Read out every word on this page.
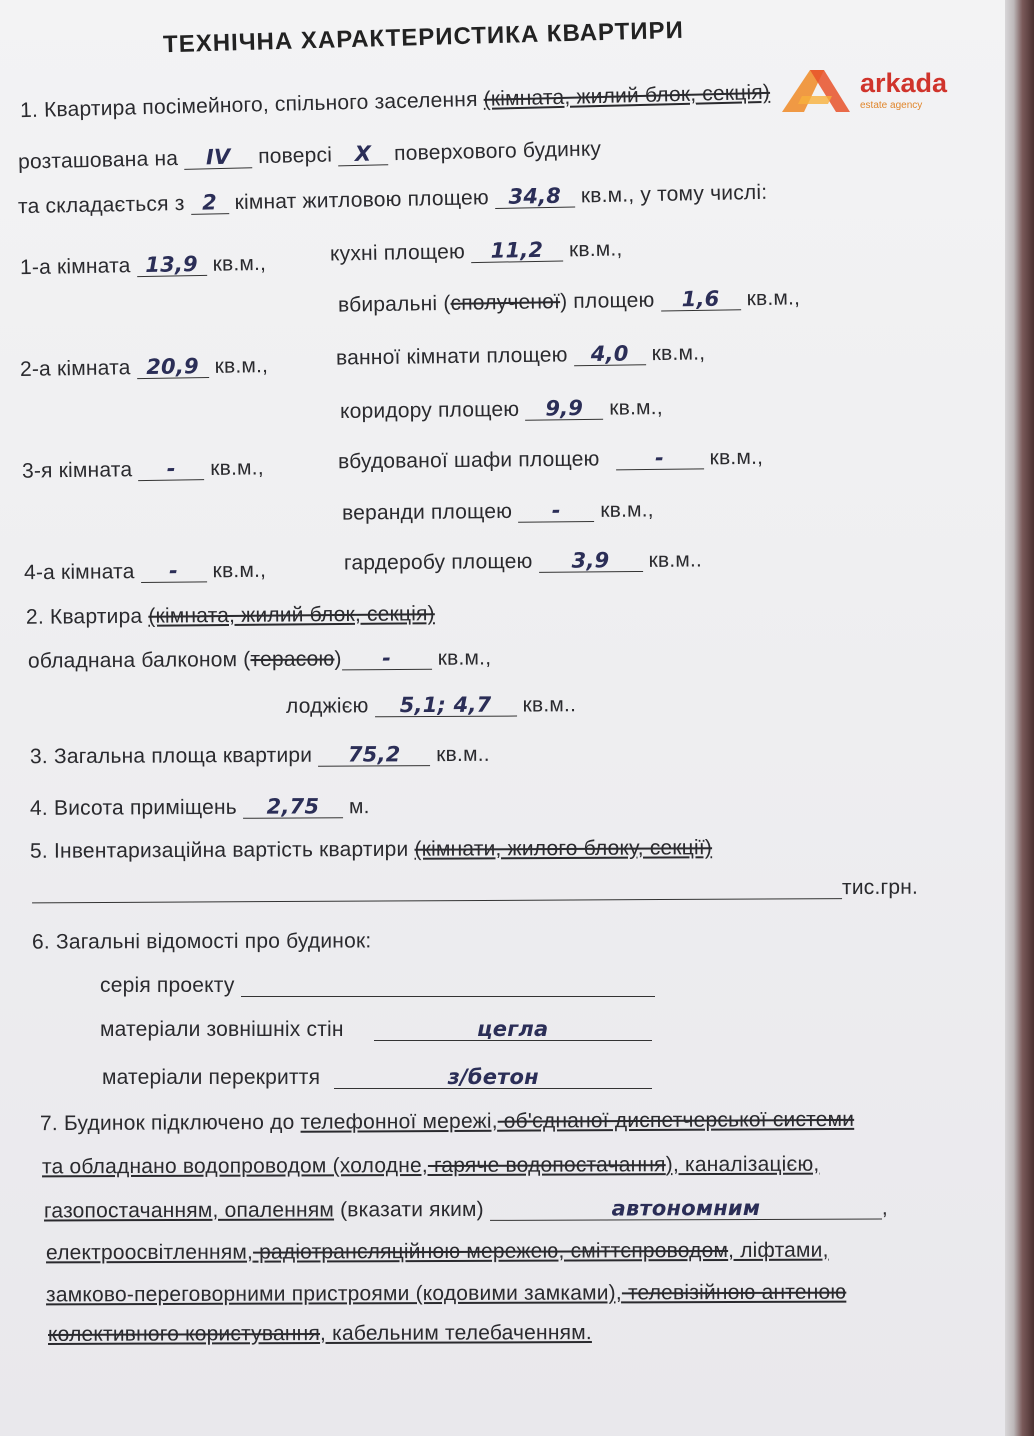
ТЕХНІЧНА ХАРАКТЕРИСТИКА КВАРТИРИ
arkada
estate agency
1. Квартира посімейного, спільного заселення (кімната, жилий блок, секція)
розташована на IV поверсі X поверхового будинку
та складається з 2 кімнат житловою площею 34,8 кв.м., у тому числі:
1-а кімната 13,9 кв.м.,
2-а кімната 20,9 кв.м.,
3-я кімната - кв.м.,
4-а кімната - кв.м.,
кухні площею 11,2 кв.м.,
вбиральні (сполученої) площею 1,6 кв.м.,
ванної кімнати площею 4,0 кв.м.,
коридору площею 9,9 кв.м.,
вбудованої шафи площею - кв.м.,
веранди площею - кв.м.,
гардеробу площею 3,9 кв.м..
2. Квартира (кімната, жилий блок, секція)
обладнана балконом (терасою) - кв.м.,
лоджією 5,1; 4,7 кв.м..
3. Загальна площа квартири 75,2 кв.м..
4. Висота приміщень 2,75 м.
5. Інвентаризаційна вартість квартири (кімнати, жилого блоку, секції)
тис.грн.
6. Загальні відомості про будинок:
серія проекту
матеріали зовнішніх стін	цегла
матеріали перекриття	з/бетон
7. Будинок підключено до телефонної мережі, об'єднаної диспетчерської системи
та обладнано водопроводом (холодне, гаряче водопостачання), каналізацією,
газопостачанням, опаленням (вказати яким)	автономним	,
електроосвітленням, радіотрансляційною мережею, сміттєпроводом, ліфтами,
замково-переговорними пристроями (кодовими замками), телевізійною антеною
колективного користування, кабельним телебаченням.
